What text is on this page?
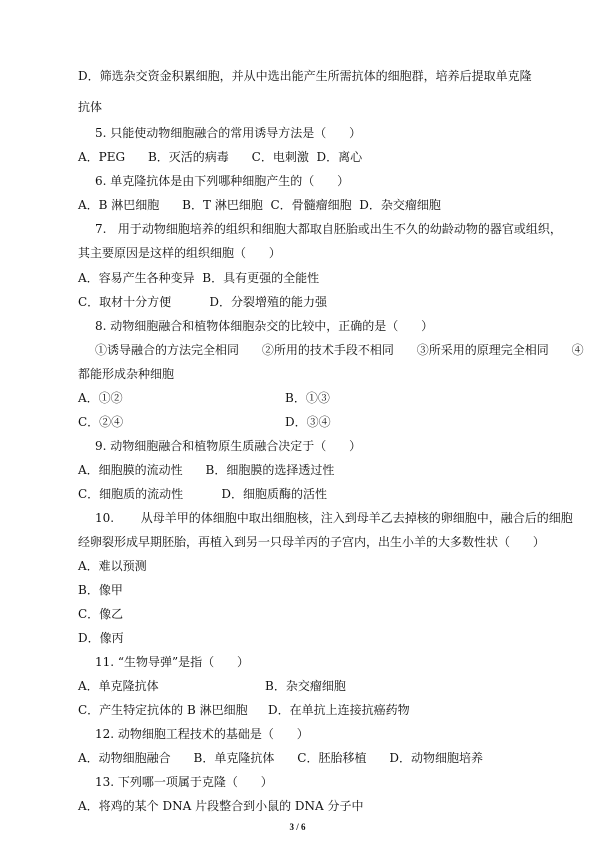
D．筛选杂交资金积累细胞，并从中选出能产生所需抗体的细胞群，培养后提取单克隆
抗体
5. 只能使动物细胞融合的常用诱导方法是（      ）
A．PEG      B．灭活的病毒      C．电刺激  D．离心
6. 单克隆抗体是由下列哪种细胞产生的（      ）
A．B 淋巴细胞      B．T 淋巴细胞  C．骨髓瘤细胞  D．杂交瘤细胞
7.   用于动物细胞培养的组织和细胞大都取自胚胎或出生不久的幼龄动物的器官或组织，
其主要原因是这样的组织细胞（      ）
A．容易产生各种变异  B．具有更强的全能性
C．取材十分方便          D．分裂增殖的能力强
8. 动物细胞融合和植物体细胞杂交的比较中，正确的是（      ）
①诱导融合的方法完全相同      ②所用的技术手段不相同      ③所采用的原理完全相同      ④
都能形成杂种细胞
A．①②	B．①③
C．②④	D．③④
9. 动物细胞融合和植物原生质融合决定于（      ）
A．细胞膜的流动性      B．细胞膜的选择透过性
C．细胞质的流动性          D．细胞质酶的活性
10.       从母羊甲的体细胞中取出细胞核，注入到母羊乙去掉核的卵细胞中，融合后的细胞
经卵裂形成早期胚胎，再植入到另一只母羊丙的子宫内，出生小羊的大多数性状（      ）
A．难以预测
B．像甲
C．像乙
D．像丙
11. “生物导弹”是指（      ）
A．单克隆抗体	B．杂交瘤细胞
C．产生特定抗体的 B 淋巴细胞 D．在单抗上连接抗癌药物
12. 动物细胞工程技术的基础是（      ）
A．动物细胞融合      B．单克隆抗体      C．胚胎移植      D．动物细胞培养
13. 下列哪一项属于克隆（      ）
A．将鸡的某个 DNA 片段整合到小鼠的 DNA 分子中
3 / 6
